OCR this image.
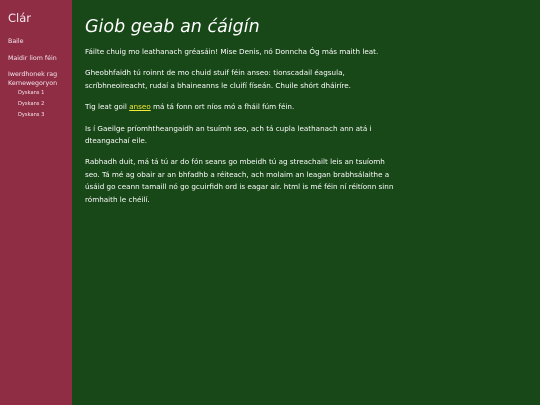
Clár
Baile
Maidir liom féin
Iwerdhonek rag Kernewegoryon
Dyskans 1
Dyskans 2
Dyskans 3
Giob geab an ćáigín

Fáilte chuig mo leathanach gréasáin! Mise Denis, nó Donncha Óg más maith leat.

Gheobhfaidh tú roinnt de mo chuid stuif féin anseo: tionscadail éagsula, scríbhneoireacht, rudaí a bhaineanns le cluifí físeán. Chuile shórt dháiríre.

Tig leat goil anseo má tá fonn ort níos mó a fháil fúm féin.

Is í Gaeilge príomhtheangaidh an tsuímh seo, ach tá cupla leathanach ann atá i dteangachaí eile.

Rabhadh duit, má tá tú ar do fón seans go mbeidh tú ag streachailt leis an tsuíomh seo. Tá mé ag obair ar an bhfadhb a réiteach, ach molaim an leagan brabhsálaithe a úsáid go ceann tamaill nó go gcuirfidh ord is eagar air. html is mé féin ní réitíonn sinn rómhaith le chéilí.
